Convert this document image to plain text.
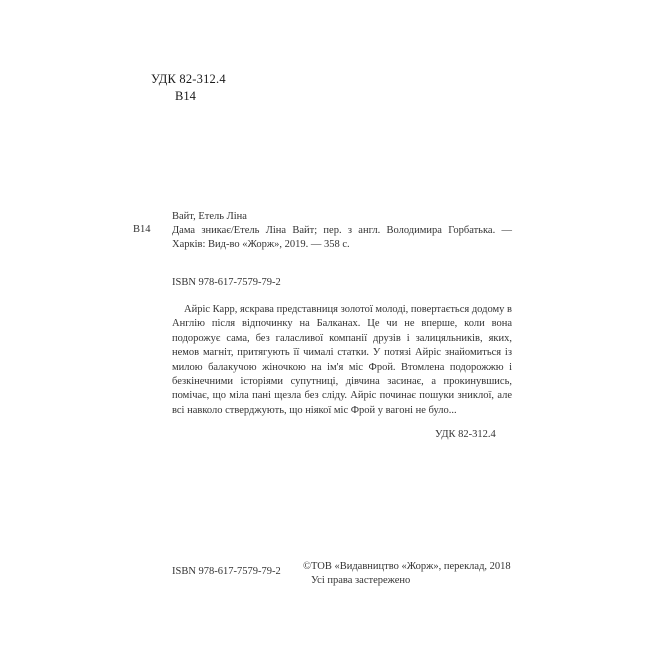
УДК 82-312.4
В14
Вайт, Етель Ліна
В14 Дама зникає/Етель Ліна Вайт; пер. з англ. Володимира Горбатька. — Харків: Вид-во «Жорж», 2019. — 358 с.
ISBN 978-617-7579-79-2
Айріс Карр, яскрава представниця золотої молоді, повертається додому в Англію після відпочинку на Балканах. Це чи не вперше, коли вона подорожує сама, без галасливої компанії друзів і залицяльників, яких, немов магніт, притягують її чималі статки. У потязі Айріс знайомиться із милою балакучою жіночкою на ім'я міс Фрой. Втомлена подорожжю і безкінечними історіями супутниці, дівчина засинає, а прокинувшись, помічає, що міла пані щезла без сліду. Айріс починає пошуки зниклої, але всі навколо стверджують, що ніякої міс Фрой у вагоні не було...
УДК 82-312.4
ISBN 978-617-7579-79-2 ©ТОВ «Видавництво «Жорж», переклад, 2018
Усі права застережено
